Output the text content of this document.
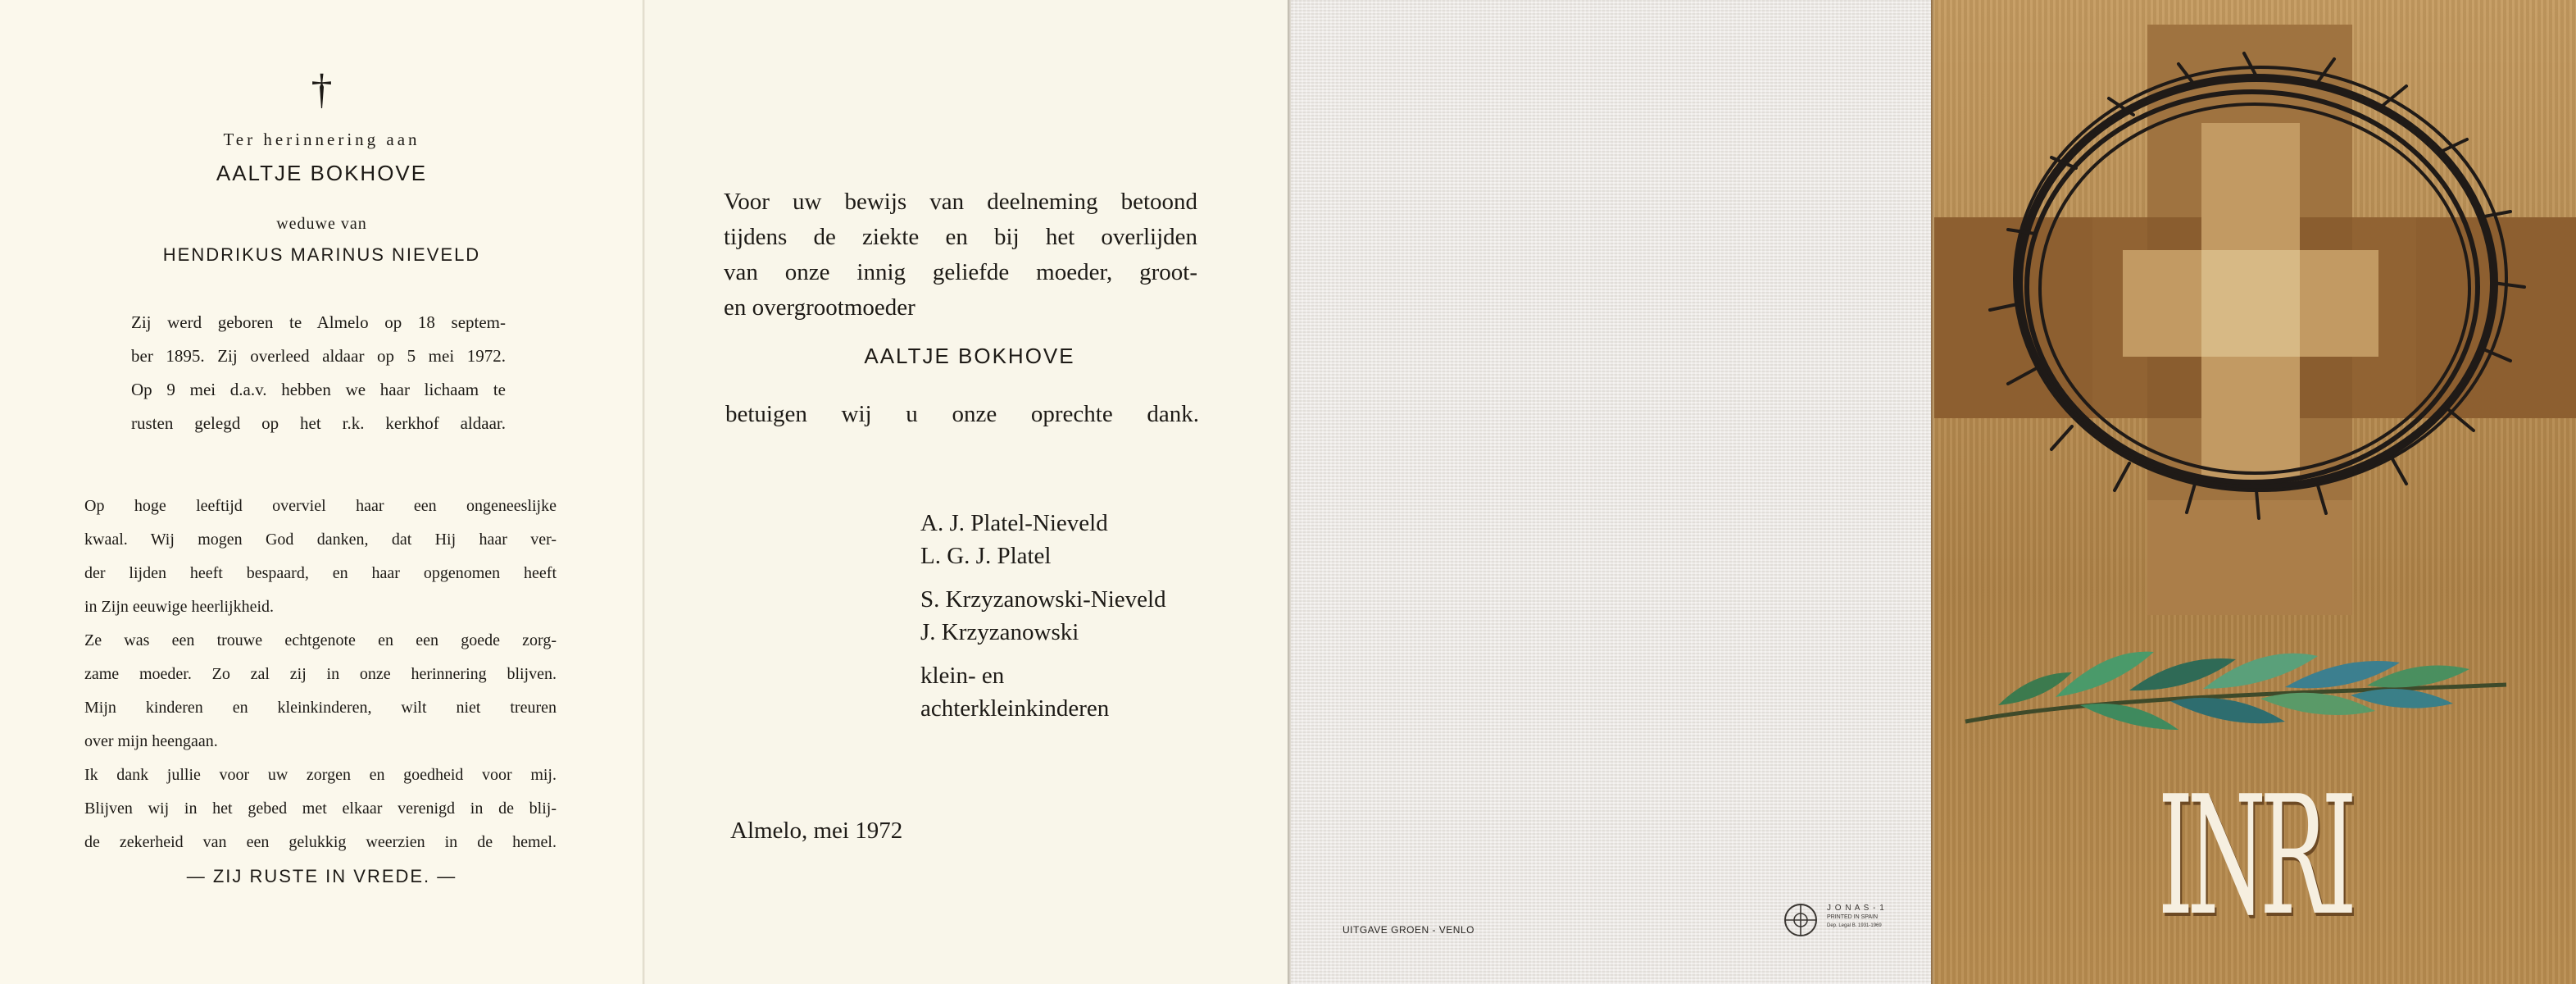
†
Ter herinnering aan
AALTJE BOKHOVE
weduwe van
HENDRIKUS MARINUS NIEVELD

Zij werd geboren te Almelo op 18 septem-

ber 1895. Zij overleed aldaar op 5 mei 1972.

Op 9 mei d.a.v. hebben we haar lichaam te

rusten gelegd op het r.k. kerkhof aldaar.

Op hoge leeftijd overviel haar een ongeneeslijke

kwaal. Wij mogen God danken, dat Hij haar ver-

der lijden heeft bespaard, en haar opgenomen heeft

in Zijn eeuwige heerlijkheid.

Ze was een trouwe echtgenote en een goede zorg-

zame moeder. Zo zal zij in onze herinnering blijven.

Mijn kinderen en kleinkinderen, wilt niet treuren

over mijn heengaan.

Ik dank jullie voor uw zorgen en goedheid voor mij.

Blijven wij in het gebed met elkaar verenigd in de blij-

de zekerheid van een gelukkig weerzien in de hemel.

— ZIJ RUSTE IN VREDE. —

Voor uw bewijs van deelneming betoond

tijdens de ziekte en bij het overlijden

van onze innig geliefde moeder, groot-

en overgrootmoeder

AALTJE BOKHOVE

betuigen wij u onze oprechte dank.

A. J. Platel-Nieveld
L. G. J. Platel
S. Krzyzanowski-Nieveld
J. Krzyzanowski
klein- en
achterkleinkinderen
Almelo, mei 1972
UITGAVE GROEN - VENLO
J O N A S - 1
PRINTED IN SPAIN
Dep. Legal B. 1931-1969	INRI
